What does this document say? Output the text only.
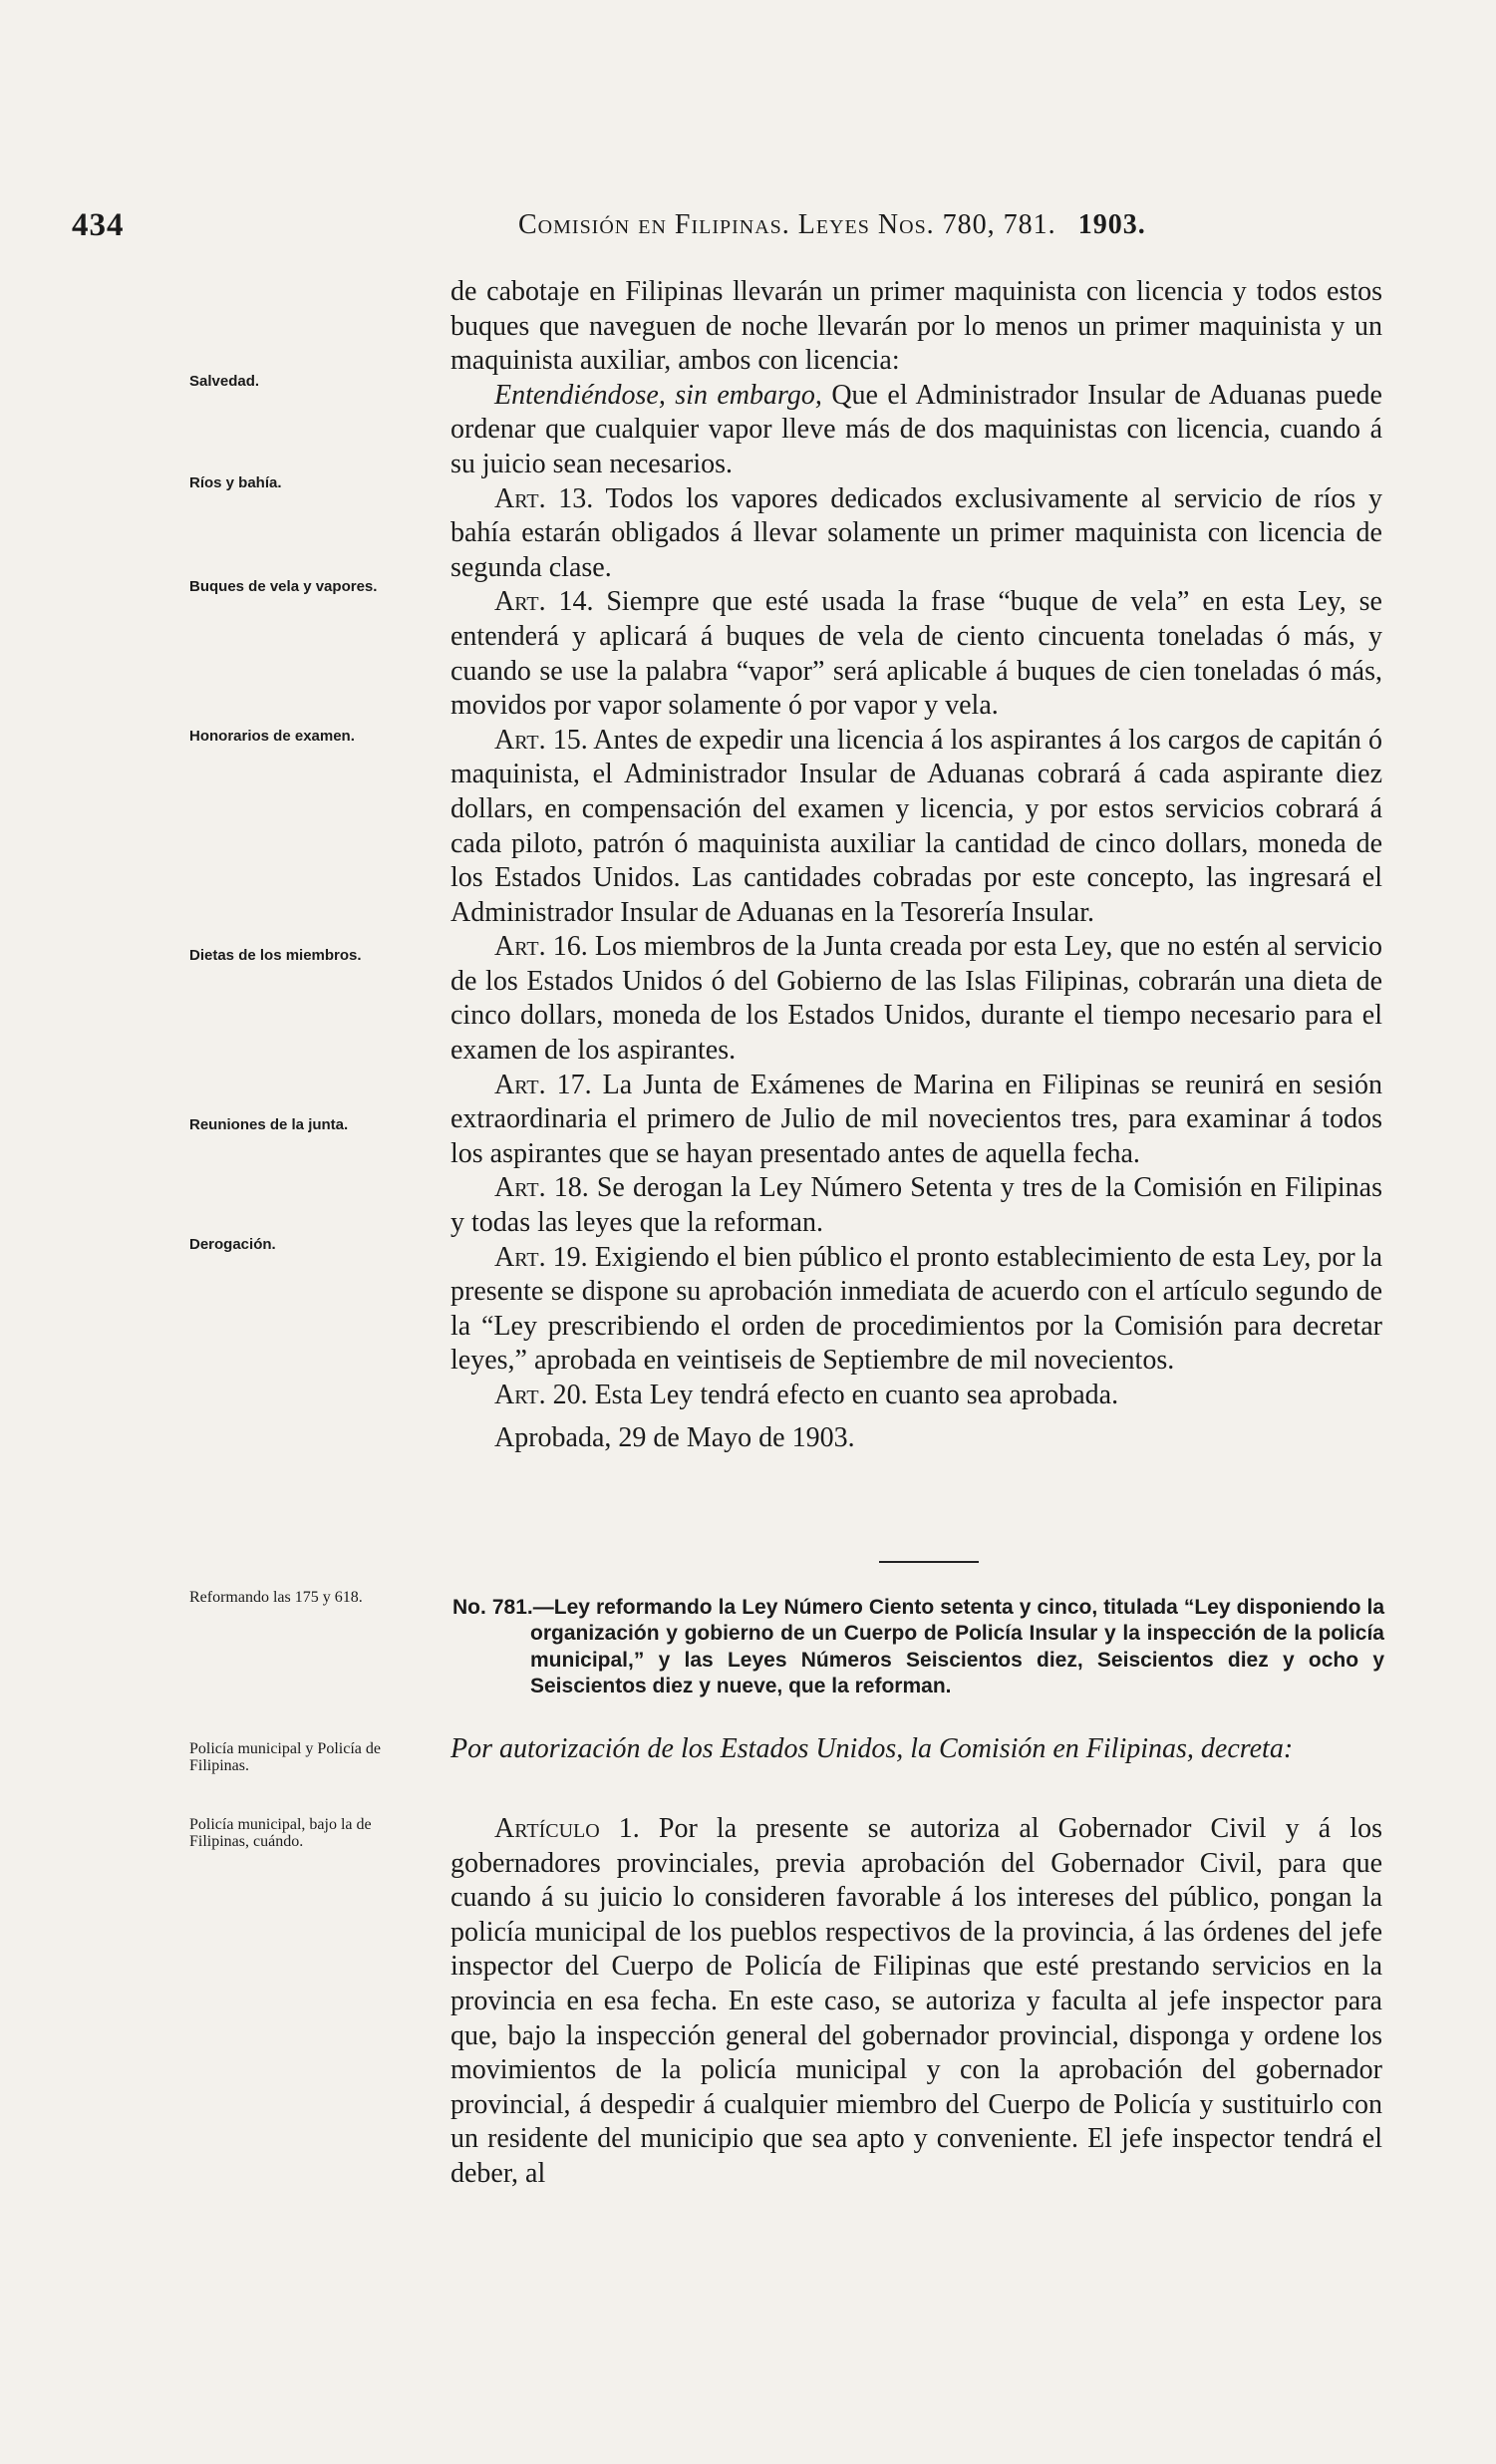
434	Comisión en Filipinas. Leyes Nos. 780, 781. 1903.
Salvedad.
Ríos y bahía.
Buques de vela y vapores.
Honorarios de examen.
Dietas de los miembros.
Reuniones de la junta.
Derogación.
Reformando las 175 y 618.
Policía municipal y Policía de Filipinas.
Policía municipal, bajo la de Filipinas, cuándo.

de cabotaje en Filipinas llevarán un primer maquinista con licencia y todos estos buques que naveguen de noche llevarán por lo menos un primer maquinista y un maquinista auxiliar, ambos con licencia:

Entendiéndose, sin embargo, Que el Administrador Insular de Aduanas puede ordenar que cualquier vapor lleve más de dos maquinistas con licencia, cuando á su juicio sean necesarios.

Art. 13. Todos los vapores dedicados exclusivamente al servicio de ríos y bahía estarán obligados á llevar solamente un primer maquinista con licencia de segunda clase.

Art. 14. Siempre que esté usada la frase “buque de vela” en esta Ley, se entenderá y aplicará á buques de vela de ciento cincuenta toneladas ó más, y cuando se use la palabra “vapor” será aplicable á buques de cien toneladas ó más, movidos por vapor solamente ó por vapor y vela.

Art. 15. Antes de expedir una licencia á los aspirantes á los cargos de capitán ó maquinista, el Administrador Insular de Aduanas cobrará á cada aspirante diez dollars, en compensación del examen y licencia, y por estos servicios cobrará á cada piloto, patrón ó maquinista auxiliar la cantidad de cinco dollars, moneda de los Estados Unidos. Las cantidades cobradas por este concepto, las ingresará el Administrador Insular de Aduanas en la Tesorería Insular.

Art. 16. Los miembros de la Junta creada por esta Ley, que no estén al servicio de los Estados Unidos ó del Gobierno de las Islas Filipinas, cobrarán una dieta de cinco dollars, moneda de los Estados Unidos, durante el tiempo necesario para el examen de los aspirantes.

Art. 17. La Junta de Exámenes de Marina en Filipinas se reunirá en sesión extraordinaria el primero de Julio de mil novecientos tres, para examinar á todos los aspirantes que se hayan presentado antes de aquella fecha.

Art. 18. Se derogan la Ley Número Setenta y tres de la Comisión en Filipinas y todas las leyes que la reforman.

Art. 19. Exigiendo el bien público el pronto establecimiento de esta Ley, por la presente se dispone su aprobación inmediata de acuerdo con el artículo segundo de la “Ley prescribiendo el orden de procedimientos por la Comisión para decretar leyes,” aprobada en veintiseis de Septiembre de mil novecientos.

Art. 20. Esta Ley tendrá efecto en cuanto sea aprobada.

Aprobada, 29 de Mayo de 1903.

No. 781.—Ley reformando la Ley Número Ciento setenta y cinco, titulada “Ley disponiendo la organización y gobierno de un Cuerpo de Policía Insular y la inspección de la policía municipal,” y las Leyes Números Seiscientos diez, Seiscientos diez y ocho y Seiscientos diez y nueve, que la reforman.
Por autorización de los Estados Unidos, la Comisión en Filipinas, decreta:

Artículo 1. Por la presente se autoriza al Gobernador Civil y á los gobernadores provinciales, previa aprobación del Gobernador Civil, para que cuando á su juicio lo consideren favorable á los intereses del público, pongan la policía municipal de los pueblos respectivos de la provincia, á las órdenes del jefe inspector del Cuerpo de Policía de Filipinas que esté prestando servicios en la provincia en esa fecha. En este caso, se autoriza y faculta al jefe inspector para que, bajo la inspección general del gobernador provincial, disponga y ordene los movimientos de la policía municipal y con la aprobación del gobernador provincial, á despedir á cualquier miembro del Cuerpo de Policía y sustituirlo con un residente del municipio que sea apto y conveniente. El jefe inspector tendrá el deber, al
